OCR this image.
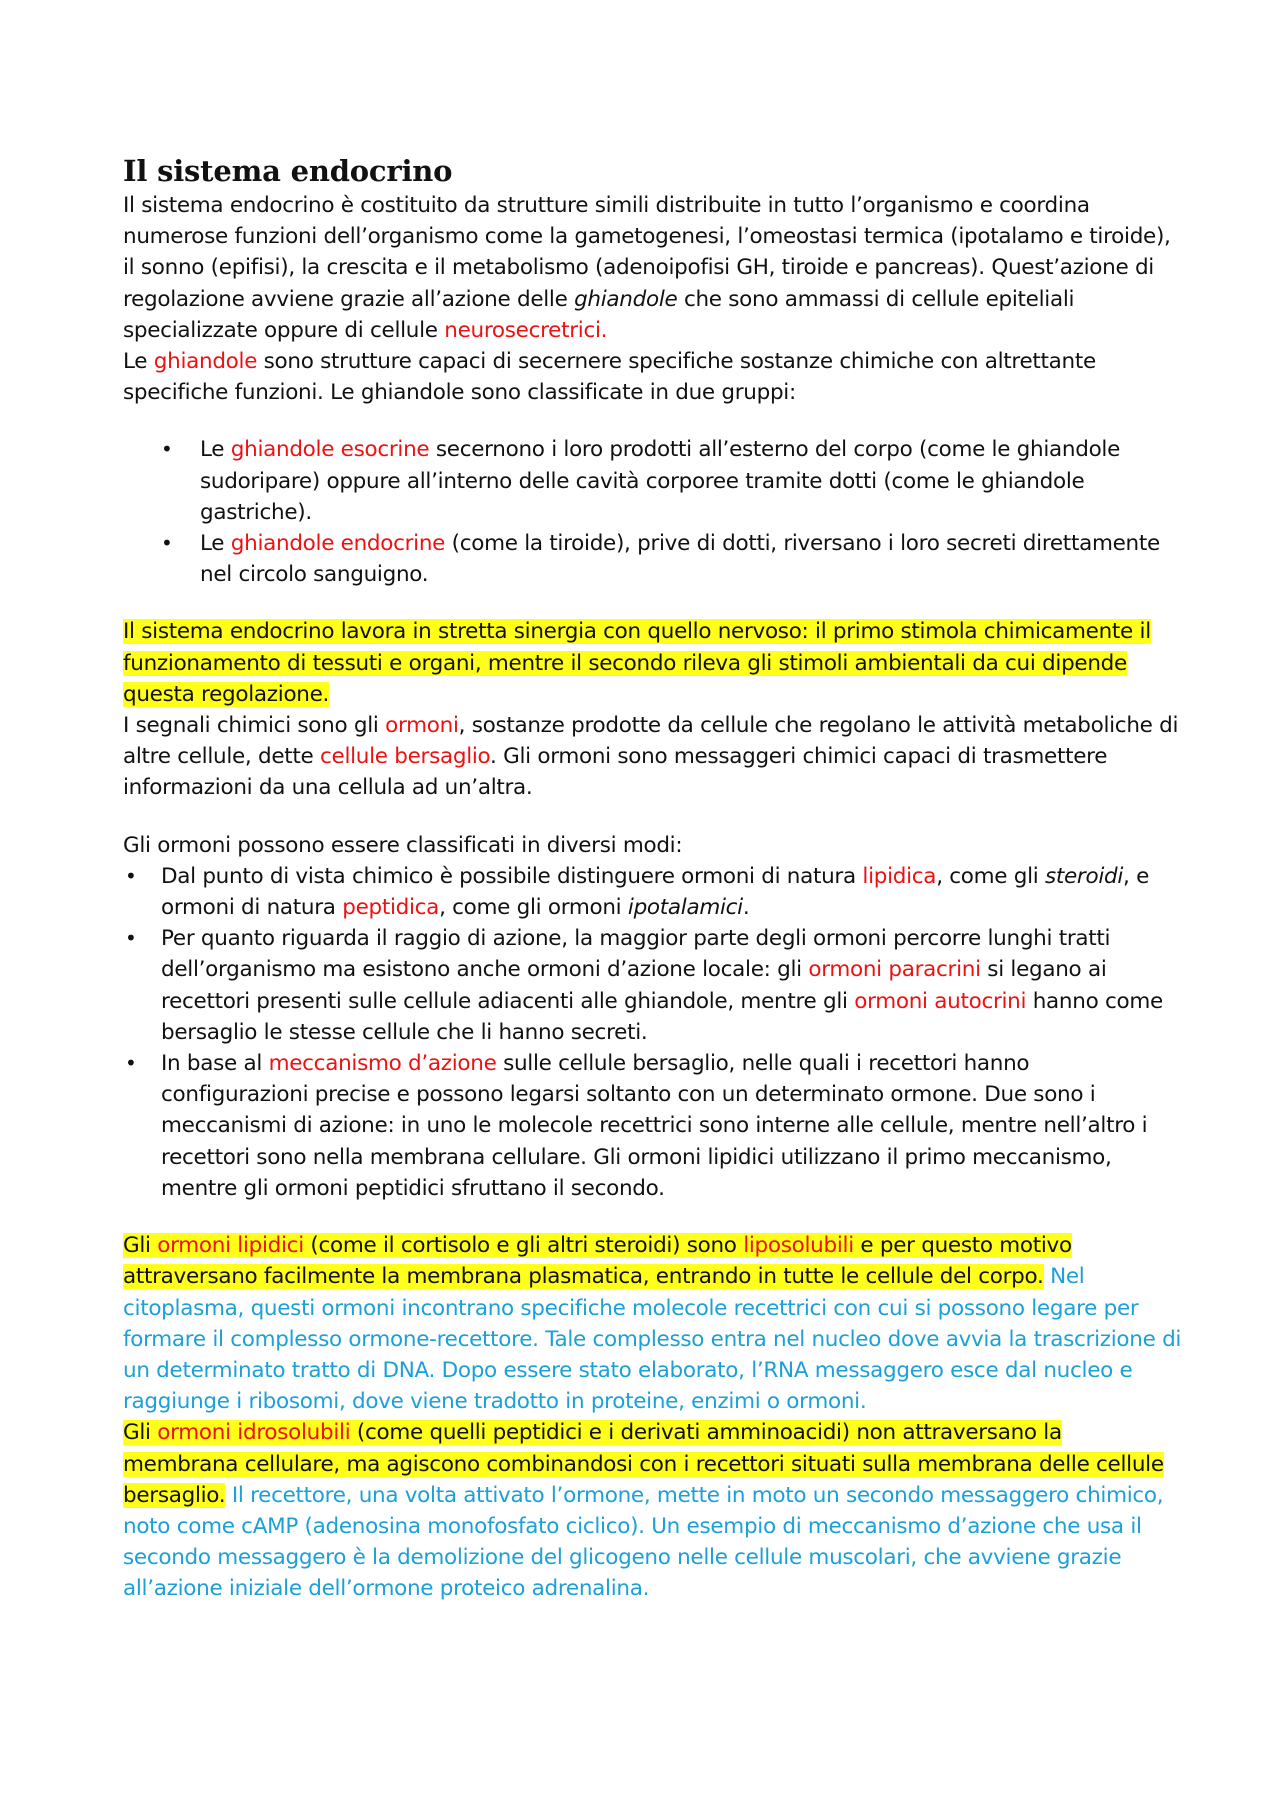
Il sistema endocrino

Il sistema endocrino è costituito da strutture simili distribuite in tutto l’organismo e coordina numerose funzioni dell’organismo come la gametogenesi, l’omeostasi termica (ipotalamo e tiroide), il sonno (epifisi), la crescita e il metabolismo (adenoipofisi GH, tiroide e pancreas). Quest’azione di regolazione avviene grazie all’azione delle ghiandole che sono ammassi di cellule epiteliali specializzate oppure di cellule neurosecretrici.

Le ghiandole sono strutture capaci di secernere specifiche sostanze chimiche con altrettante specifiche funzioni. Le ghiandole sono classificate in due gruppi:

• Le ghiandole esocrine secernono i loro prodotti all’esterno del corpo (come le ghiandole sudoripare) oppure all’interno delle cavità corporee tramite dotti (come le ghiandole gastriche).
• Le ghiandole endocrine (come la tiroide), prive di dotti, riversano i loro secreti direttamente nel circolo sanguigno.

Il sistema endocrino lavora in stretta sinergia con quello nervoso: il primo stimola chimicamente il funzionamento di tessuti e organi, mentre il secondo rileva gli stimoli ambientali da cui dipende questa regolazione.

I segnali chimici sono gli ormoni, sostanze prodotte da cellule che regolano le attività metaboliche di altre cellule, dette cellule bersaglio. Gli ormoni sono messaggeri chimici capaci di trasmettere informazioni da una cellula ad un’altra.

Gli ormoni possono essere classificati in diversi modi:

• Dal punto di vista chimico è possibile distinguere ormoni di natura lipidica, come gli steroidi, e ormoni di natura peptidica, come gli ormoni ipotalamici.
• Per quanto riguarda il raggio di azione, la maggior parte degli ormoni percorre lunghi tratti dell’organismo ma esistono anche ormoni d’azione locale: gli ormoni paracrini si legano ai recettori presenti sulle cellule adiacenti alle ghiandole, mentre gli ormoni autocrini hanno come bersaglio le stesse cellule che li hanno secreti.
• In base al meccanismo d’azione sulle cellule bersaglio, nelle quali i recettori hanno configurazioni precise e possono legarsi soltanto con un determinato ormone. Due sono i meccanismi di azione: in uno le molecole recettrici sono interne alle cellule, mentre nell’altro i recettori sono nella membrana cellulare. Gli ormoni lipidici utilizzano il primo meccanismo, mentre gli ormoni peptidici sfruttano il secondo.

Gli ormoni lipidici (come il cortisolo e gli altri steroidi) sono liposolubili e per questo motivo attraversano facilmente la membrana plasmatica, entrando in tutte le cellule del corpo. Nel citoplasma, questi ormoni incontrano specifiche molecole recettrici con cui si possono legare per formare il complesso ormone-recettore. Tale complesso entra nel nucleo dove avvia la trascrizione di un determinato tratto di DNA. Dopo essere stato elaborato, l’RNA messaggero esce dal nucleo e raggiunge i ribosomi, dove viene tradotto in proteine, enzimi o ormoni.

Gli ormoni idrosolubili (come quelli peptidici e i derivati amminoacidi) non attraversano la membrana cellulare, ma agiscono combinandosi con i recettori situati sulla membrana delle cellule bersaglio. Il recettore, una volta attivato l’ormone, mette in moto un secondo messaggero chimico, noto come cAMP (adenosina monofosfato ciclico). Un esempio di meccanismo d’azione che usa il secondo messaggero è la demolizione del glicogeno nelle cellule muscolari, che avviene grazie all’azione iniziale dell’ormone proteico adrenalina.
